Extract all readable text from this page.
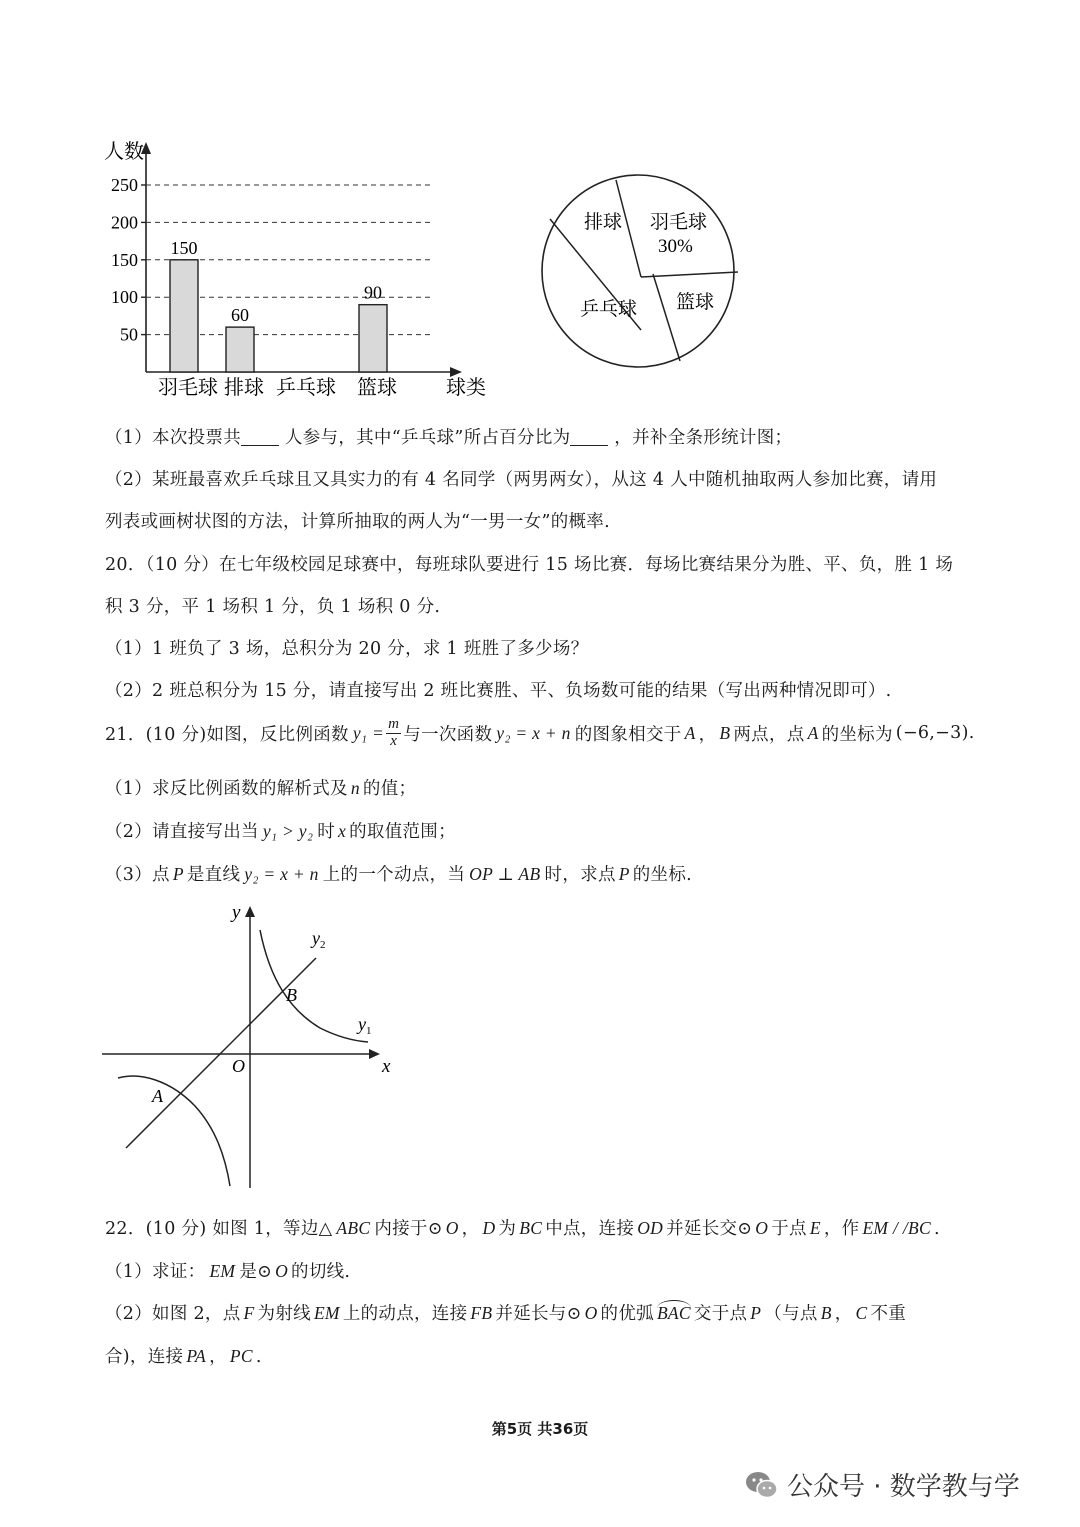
250
200
150
100
50
150
60
90
羽毛球 排球 乒乓球 篮球
人数
球类
排球 羽毛球
30%
篮球
乒乓球
（1）本次投票共	人参与，其中“乒乓球”所占百分比为	，并补全条形统计图；
（2）某班最喜欢乒乓球且又具实力的有 4 名同学（两男两女），从这 4 人中随机抽取两人参加比赛，请用
列表或画树状图的方法，计算所抽取的两人为“一男一女”的概率.
20．（10 分）在七年级校园足球赛中，每班球队要进行 15 场比赛．每场比赛结果分为胜、平、负，胜 1 场
积 3 分，平 1 场积 1 分，负 1 场积 0 分.
（1）1 班负了 3 场，总积分为 20 分，求 1 班胜了多少场？
（2）2 班总积分为 15 分，请直接写出 2 班比赛胜、平、负场数可能的结果（写出两种情况即可）.
21．(10 分)如图，反比例函数 $y_1 = \frac{m}{x}$ 与一次函数 y₂ = x + n 的图象相交于 A ， B 两点，点 A 的坐标为 (−6,−3) .
（1）求反比例函数的解析式及 n 的值；
（2）请直接写出当 y₁ > y₂ 时 x 的取值范围；
（3）点 P 是直线 y₂ = x + n 上的一个动点，当 OP ⊥ AB 时，求点 P 的坐标.
y
x
O
A
B
$y_1$
$y_2$
22．(10 分) 如图 1，等边△ ABC 内接于⊙ O ， D 为 BC 中点，连接 OD 并延长交⊙ O 于点 E ，作 EM / /BC .
（1）求证： EM 是⊙ O 的切线.
（2）如图 2，点 F 为射线 EM 上的动点，连接 FB 并延长与⊙ O 的优弧 BAC 交于点 P （与点 B ， C 不重
合)，连接 PA ， PC .
第5页 共36页
公众号 · 数学教与学
